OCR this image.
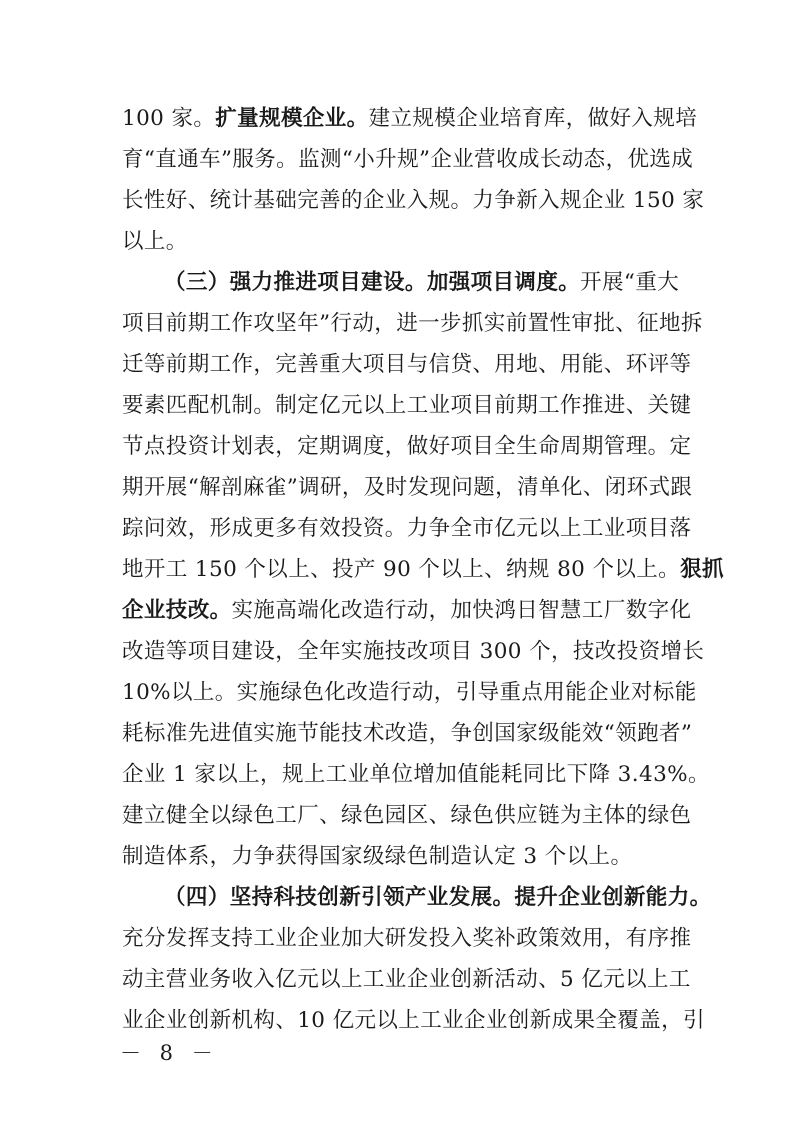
100 家。扩量规模企业。建立规模企业培育库，做好入规培
育“直通车”服务。监测“小升规”企业营收成长动态，优选成
长性好、统计基础完善的企业入规。力争新入规企业 150 家
以上。
（三）强力推进项目建设。加强项目调度。开展“重大
项目前期工作攻坚年”行动，进一步抓实前置性审批、征地拆
迁等前期工作，完善重大项目与信贷、用地、用能、环评等
要素匹配机制。制定亿元以上工业项目前期工作推进、关键
节点投资计划表，定期调度，做好项目全生命周期管理。定
期开展“解剖麻雀”调研，及时发现问题，清单化、闭环式跟
踪问效，形成更多有效投资。力争全市亿元以上工业项目落
地开工 150 个以上、投产 90 个以上、纳规 80 个以上。狠抓
企业技改。实施高端化改造行动，加快鸿日智慧工厂数字化
改造等项目建设，全年实施技改项目 300 个，技改投资增长
10%以上。实施绿色化改造行动，引导重点用能企业对标能
耗标准先进值实施节能技术改造，争创国家级能效“领跑者”
企业 1 家以上，规上工业单位增加值能耗同比下降 3.43%。
建立健全以绿色工厂、绿色园区、绿色供应链为主体的绿色
制造体系，力争获得国家级绿色制造认定 3 个以上。
（四）坚持科技创新引领产业发展。提升企业创新能力。
充分发挥支持工业企业加大研发投入奖补政策效用，有序推
动主营业务收入亿元以上工业企业创新活动、5 亿元以上工
业企业创新机构、10 亿元以上工业企业创新成果全覆盖，引
－ 8 －
